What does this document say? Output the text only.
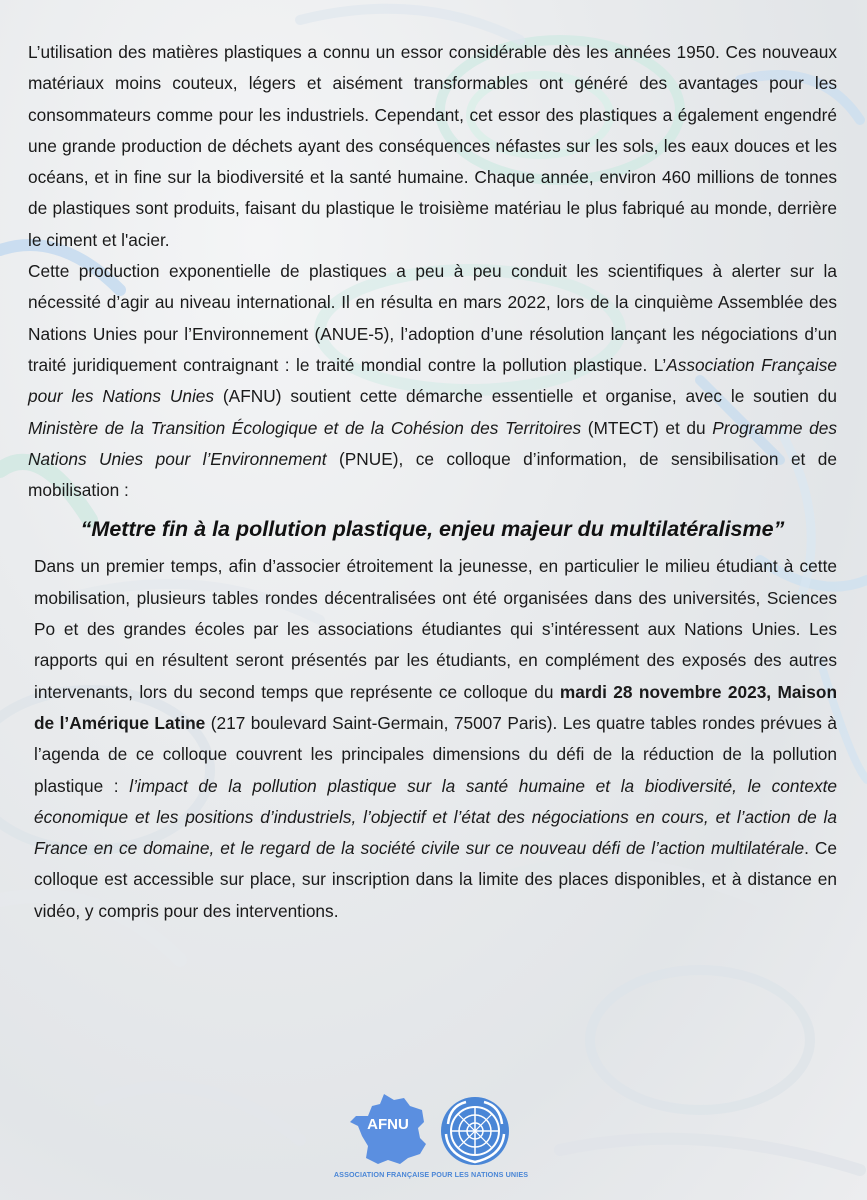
L’utilisation des matières plastiques a connu un essor considérable dès les années 1950. Ces nouveaux matériaux moins couteux, légers et aisément transformables ont généré des avantages pour les consommateurs comme pour les industriels. Cependant, cet essor des plastiques a également engendré une grande production de déchets ayant des conséquences néfastes sur les sols, les eaux douces et les océans, et in fine sur la biodiversité et la santé humaine. Chaque année, environ 460 millions de tonnes de plastiques sont produits, faisant du plastique le troisième matériau le plus fabriqué au monde, derrière le ciment et l'acier.

Cette production exponentielle de plastiques a peu à peu conduit les scientifiques à alerter sur la nécessité d’agir au niveau international. Il en résulta en mars 2022, lors de la cinquième Assemblée des Nations Unies pour l’Environnement (ANUE-5), l’adoption d’une résolution lançant les négociations d’un traité juridiquement contraignant : le traité mondial contre la pollution plastique. L’Association Française pour les Nations Unies (AFNU) soutient cette démarche essentielle et organise, avec le soutien du Ministère de la Transition Écologique et de la Cohésion des Territoires (MTECT) et du Programme des Nations Unies pour l’Environnement (PNUE), ce colloque d’information, de sensibilisation et de mobilisation :

“Mettre fin à la pollution plastique, enjeu majeur du multilatéralisme”

Dans un premier temps, afin d’associer étroitement la jeunesse, en particulier le milieu étudiant à cette mobilisation, plusieurs tables rondes décentralisées ont été organisées dans des universités, Sciences Po et des grandes écoles par les associations étudiantes qui s’intéressent aux Nations Unies. Les rapports qui en résultent seront présentés par les étudiants, en complément des exposés des autres intervenants, lors du second temps que représente ce colloque du mardi 28 novembre 2023, Maison de l’Amérique Latine (217 boulevard Saint-Germain, 75007 Paris). Les quatre tables rondes prévues à l’agenda de ce colloque couvrent les principales dimensions du défi de la réduction de la pollution plastique : l’impact de la pollution plastique sur la santé humaine et la biodiversité, le contexte économique et les positions d’industriels, l’objectif et l’état des négociations en cours, et l’action de la France en ce domaine, et le regard de la société civile sur ce nouveau défi de l’action multilatérale. Ce colloque est accessible sur place, sur inscription dans la limite des places disponibles, et à distance en vidéo, y compris pour des interventions.

AFNU
ASSOCIATION FRANÇAISE POUR LES NATIONS UNIES
